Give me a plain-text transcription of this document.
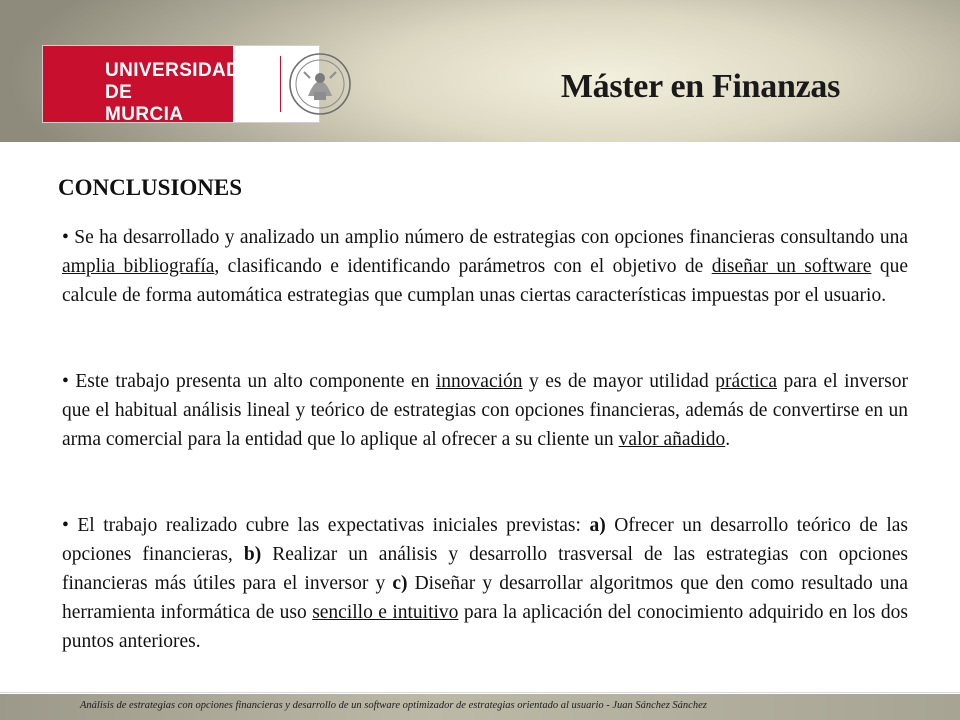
UNIVERSIDAD DE
MURCIA
Máster en Finanzas
CONCLUSIONES
• Se ha desarrollado y analizado un amplio número de estrategias con opciones financieras consultando una amplia bibliografía, clasificando e identificando parámetros con el objetivo de diseñar un software que calcule de forma automática estrategias que cumplan unas ciertas características impuestas por el usuario.
• Este trabajo presenta un alto componente en innovación y es de mayor utilidad práctica para el inversor que el habitual análisis lineal y teórico de estrategias con opciones financieras, además de convertirse en un arma comercial para la entidad que lo aplique al ofrecer a su cliente un valor añadido.
• El trabajo realizado cubre las expectativas iniciales previstas: a) Ofrecer un desarrollo teórico de las opciones financieras, b) Realizar un análisis y desarrollo trasversal de las estrategias con opciones financieras más útiles para el inversor y c) Diseñar y desarrollar algoritmos que den como resultado una herramienta informática de uso sencillo e intuitivo para la aplicación del conocimiento adquirido en los dos puntos anteriores.
Análisis de estrategias con opciones financieras y desarrollo de un software optimizador de estrategias orientado al usuario - Juan Sánchez Sánchez
